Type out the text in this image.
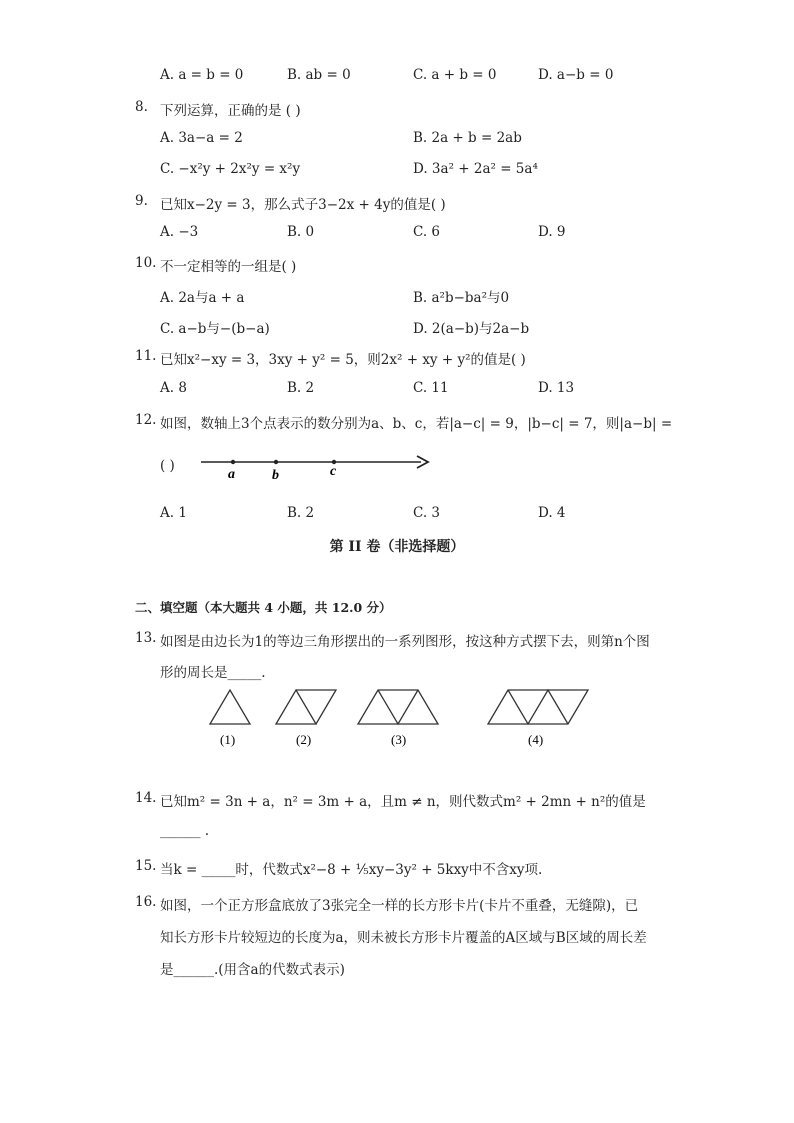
A. a = b = 0	B. ab = 0	C. a + b = 0	D. a−b = 0
8. 下列运算，正确的是 ( )
A. 3a−a = 2	B. 2a + b = 2ab
C. −x²y + 2x²y = x²y	D. 3a² + 2a² = 5a⁴
9. 已知x−2y = 3，那么式子3−2x + 4y的值是( )
A. −3	B. 0	C. 6	D. 9
10. 不一定相等的一组是( )
A. 2a与a + a	B. a²b−ba²与0
C. a−b与−(b−a)	D. 2(a−b)与2a−b
11. 已知x²−xy = 3，3xy + y² = 5，则2x² + xy + y²的值是( )
A. 8	B. 2	C. 11	D. 13
12. 如图，数轴上3个点表示的数分别为a、b、c，若|a−c| = 9，|b−c| = 7，则|a−b| =
( )
a	b	c
A. 1	B. 2	C. 3	D. 4
第 II 卷（非选择题）
二、填空题（本大题共 4 小题，共 12.0 分）
13. 如图是由边长为1的等边三角形摆出的一系列图形，按这种方式摆下去，则第n个图
形的周长是_____.
(1)	(2)	(3)	(4)
14. 已知m² = 3n + a，n² = 3m + a，且m ≠ n，则代数式m² + 2mn + n²的值是
______ .
15. 当k = _____时，代数式x²−8 + ⅕xy−3y² + 5kxy中不含xy项.
16. 如图，一个正方形盒底放了3张完全一样的长方形卡片(卡片不重叠，无缝隙)，已
知长方形卡片较短边的长度为a，则未被长方形卡片覆盖的A区域与B区域的周长差
是______.(用含a的代数式表示)
